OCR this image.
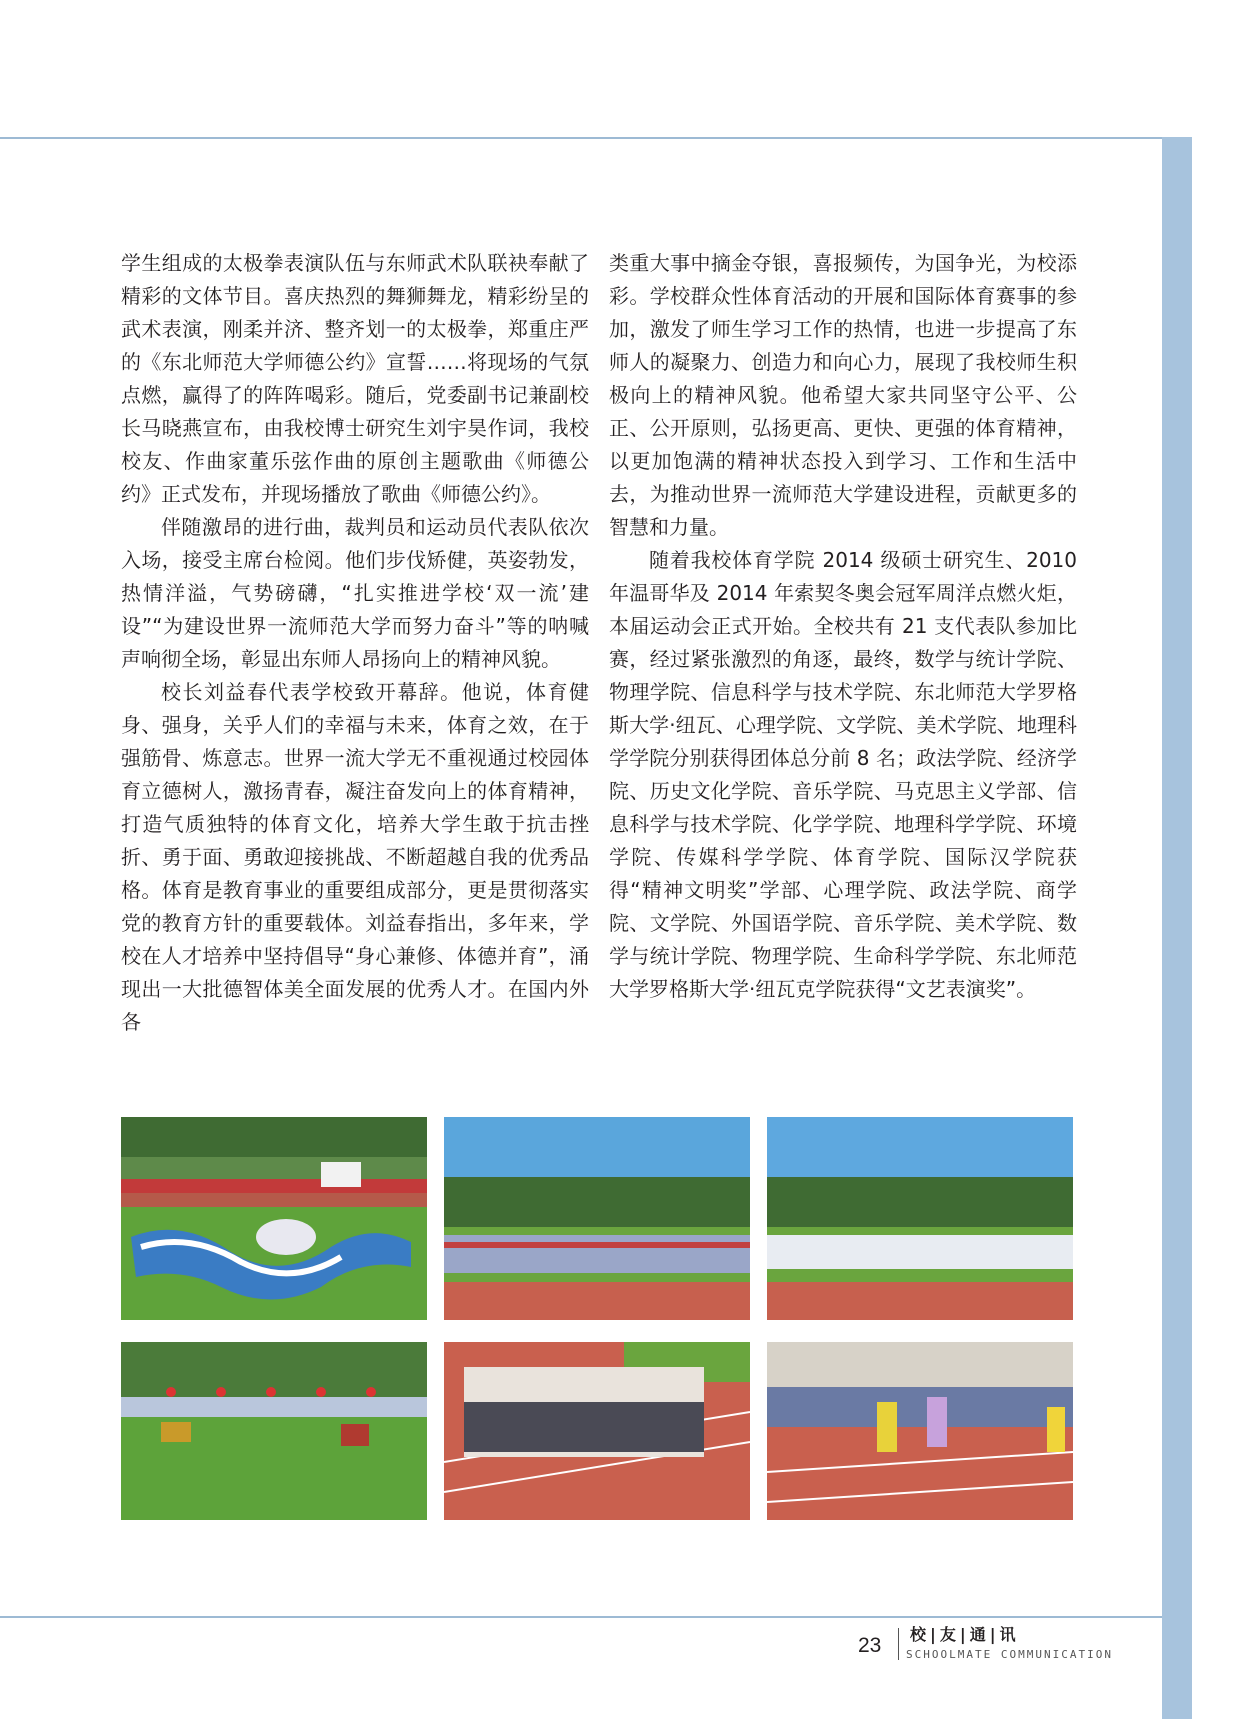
学生组成的太极拳表演队伍与东师武术队联袂奉献了精彩的文体节目。喜庆热烈的舞狮舞龙，精彩纷呈的武术表演，刚柔并济、整齐划一的太极拳，郑重庄严的《东北师范大学师德公约》宣誓……将现场的气氛点燃，赢得了的阵阵喝彩。随后，党委副书记兼副校长马晓燕宣布，由我校博士研究生刘宇昊作词，我校校友、作曲家董乐弦作曲的原创主题歌曲《师德公约》正式发布，并现场播放了歌曲《师德公约》。

伴随激昂的进行曲，裁判员和运动员代表队依次入场，接受主席台检阅。他们步伐矫健，英姿勃发，热情洋溢，气势磅礴，“扎实推进学校‘双一流’建设”“为建设世界一流师范大学而努力奋斗”等的呐喊声响彻全场，彰显出东师人昂扬向上的精神风貌。

校长刘益春代表学校致开幕辞。他说，体育健身、强身，关乎人们的幸福与未来，体育之效，在于强筋骨、炼意志。世界一流大学无不重视通过校园体育立德树人，激扬青春，凝注奋发向上的体育精神，打造气质独特的体育文化，培养大学生敢于抗击挫折、勇于面、勇敢迎接挑战、不断超越自我的优秀品格。体育是教育事业的重要组成部分，更是贯彻落实党的教育方针的重要载体。刘益春指出，多年来，学校在人才培养中坚持倡导“身心兼修、体德并育”，涌现出一大批德智体美全面发展的优秀人才。在国内外各

类重大事中摘金夺银，喜报频传，为国争光，为校添彩。学校群众性体育活动的开展和国际体育赛事的参加，激发了师生学习工作的热情，也进一步提高了东师人的凝聚力、创造力和向心力，展现了我校师生积极向上的精神风貌。他希望大家共同坚守公平、公正、公开原则，弘扬更高、更快、更强的体育精神，以更加饱满的精神状态投入到学习、工作和生活中去，为推动世界一流师范大学建设进程，贡献更多的智慧和力量。

随着我校体育学院 2014 级硕士研究生、2010 年温哥华及 2014 年索契冬奥会冠军周洋点燃火炬，本届运动会正式开始。全校共有 21 支代表队参加比赛，经过紧张激烈的角逐，最终，数学与统计学院、物理学院、信息科学与技术学院、东北师范大学罗格斯大学·纽瓦、心理学院、文学院、美术学院、地理科学学院分别获得团体总分前 8 名；政法学院、经济学院、历史文化学院、音乐学院、马克思主义学部、信息科学与技术学院、化学学院、地理科学学院、环境学院、传媒科学学院、体育学院、国际汉学院获得“精神文明奖”学部、心理学院、政法学院、商学院、文学院、外国语学院、音乐学院、美术学院、数学与统计学院、物理学院、生命科学学院、东北师范大学罗格斯大学·纽瓦克学院获得“文艺表演奖”。

23 校|友|通|讯
SCHOOLMATE COMMUNICATION
